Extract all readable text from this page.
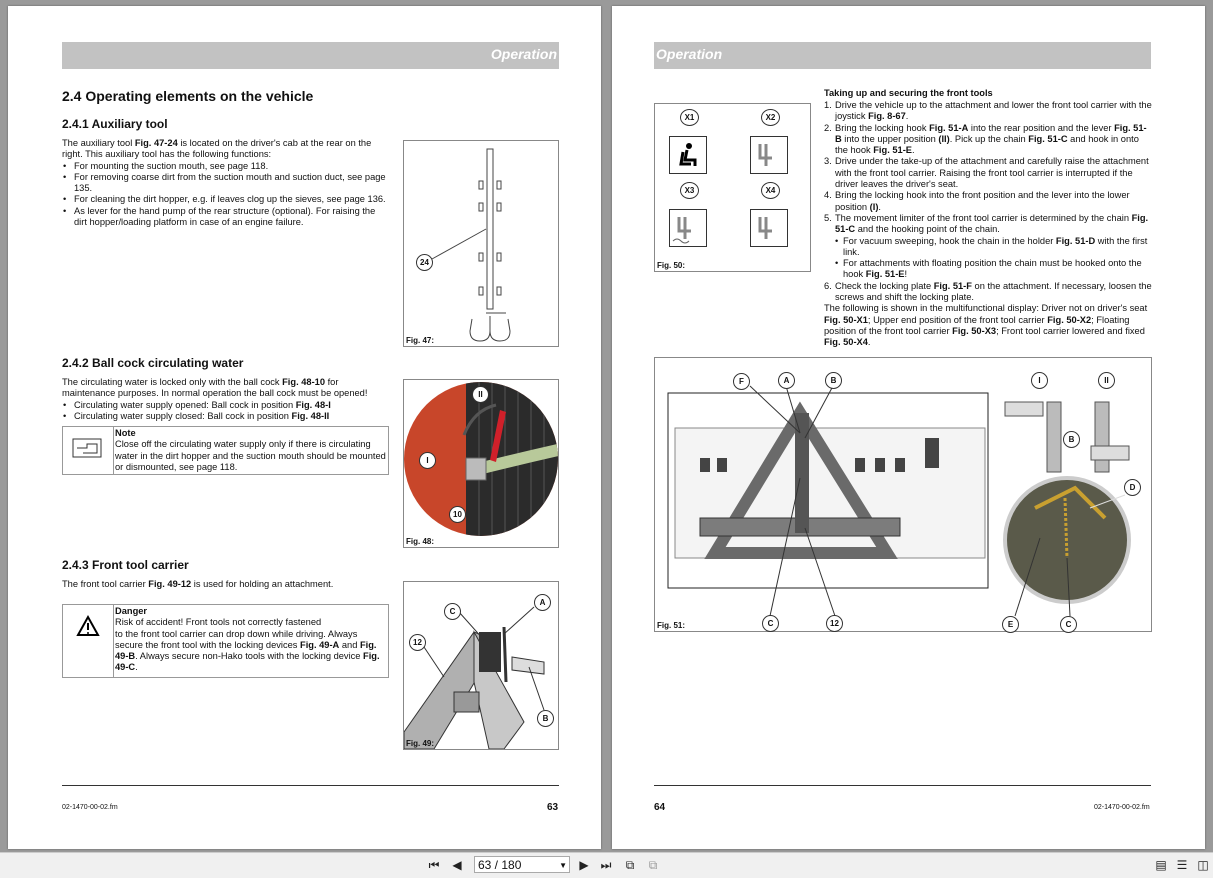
Operation
2.4 Operating elements on the vehicle
2.4.1 Auxiliary tool
The auxiliary tool Fig. 47-24 is located on the driver's cab at the rear on the right. This auxiliary tool has the following functions:
• For mounting the suction mouth, see page 118.
• For removing coarse dirt from the suction mouth and suction duct, see page 135.
• For cleaning the dirt hopper, e.g. if leaves clog up the sieves, see page 136.
• As lever for the hand pump of the rear structure (optional). For raising the dirt hopper/loading platform in case of an engine failure.
24
Fig. 47:
2.4.2 Ball cock circulating water
The circulating water is locked only with the ball cock Fig. 48-10 for maintenance purposes. In normal operation the ball cock must be opened!
• Circulating water supply opened: Ball cock in position Fig. 48-I
• Circulating water supply closed: Ball cock in position Fig. 48-II
Note
Close off the circulating water supply only if there is circulating water in the dirt hopper and the suction mouth should be mounted or dismounted, see page 118.
II
I
10
Fig. 48:
2.4.3 Front tool carrier
The front tool carrier Fig. 49-12 is used for holding an attachment.
Danger
Risk of accident! Front tools not correctly fastened
to the front tool carrier can drop down while driving. Always secure the front tool with the locking devices Fig. 49-A and Fig. 49-B. Always secure non-Hako tools with the locking device Fig. 49-C.
C
A
12
B
Fig. 49:
02-1470-00-02.fm	63
Operation
X1	X2
X3	X4
Fig. 50:
Taking up and securing the front tools
1. Drive the vehicle up to the attachment and lower the front tool carrier with the joystick Fig. 8-67.
2. Bring the locking hook Fig. 51-A into the rear position and the lever Fig. 51-B into the upper position (II). Pick up the chain Fig. 51-C and hook in onto the hook Fig. 51-E.
3. Drive under the take-up of the attachment and carefully raise the attachment with the front tool carrier. Raising the front tool carrier is interrupted if the driver leaves the driver's seat.
4. Bring the locking hook into the front position and the lever into the lower position (I).
5. The movement limiter of the front tool carrier is determined by the chain Fig. 51-C and the hooking point of the chain.
• For vacuum sweeping, hook the chain in the holder Fig. 51-D with the first link.
• For attachments with floating position the chain must be hooked onto the hook Fig. 51-E!
6. Check the locking plate Fig. 51-F on the attachment. If necessary, loosen the screws and shift the locking plate.
The following is shown in the multifunctional display: Driver not on driver's seat Fig. 50-X1; Upper end position of the front tool carrier Fig. 50-X2; Floating position of the front tool carrier Fig. 50-X3; Front tool carrier lowered and fixed Fig. 50-X4.
F	A	B	I	II
B
D
C	12	E	C
Fig. 51:
64	02-1470-00-02.fm
⏮ ◀	63 / 180	▼ ▶ ⏭	⧉	⧉	▤ ☰ ◫
